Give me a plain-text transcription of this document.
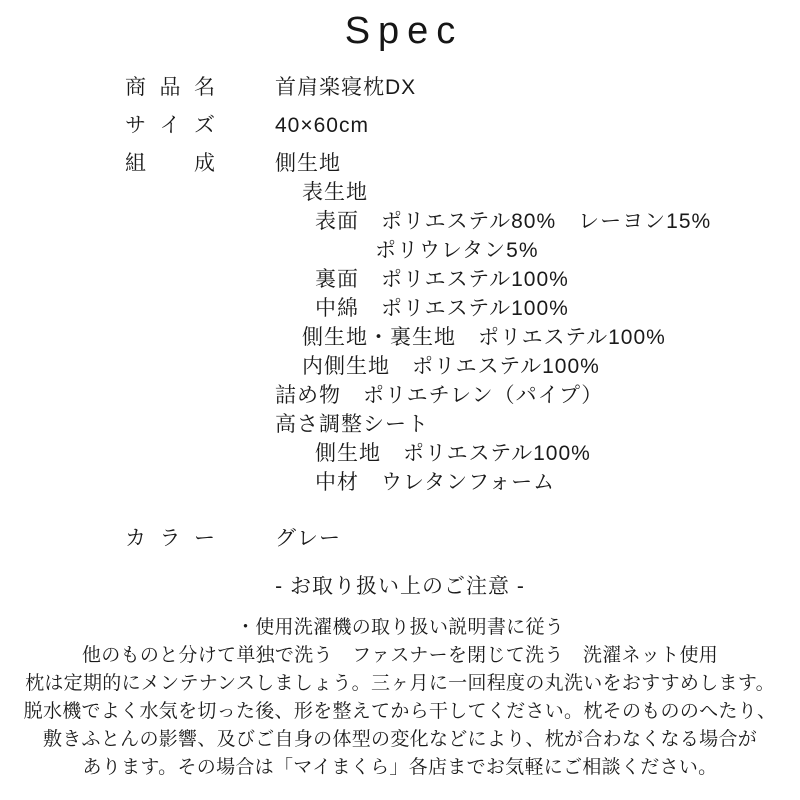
Spec
商 品 名	首肩楽寝枕DX
サ イ ズ	40×60cm
組 成	側生地
表生地
表面　ポリエステル80%　レーヨン15%
ポリウレタン5%
裏面　ポリエステル100%
中綿　ポリエステル100%
側生地・裏生地　ポリエステル100%
内側生地　ポリエステル100%
詰め物　ポリエチレン（パイプ）
高さ調整シート
側生地　ポリエステル100%
中材　ウレタンフォーム
カ ラ ー	グレー
- お取り扱い上のご注意 -
・使用洗濯機の取り扱い説明書に従う
他のものと分けて単独で洗う　ファスナーを閉じて洗う　洗濯ネット使用
枕は定期的にメンテナンスしましょう。三ヶ月に一回程度の丸洗いをおすすめします。
脱水機でよく水気を切った後、形を整えてから干してください。枕そのもののへたり、
敷きふとんの影響、及びご自身の体型の変化などにより、枕が合わなくなる場合が
あります。その場合は「マイまくら」各店までお気軽にご相談ください。
